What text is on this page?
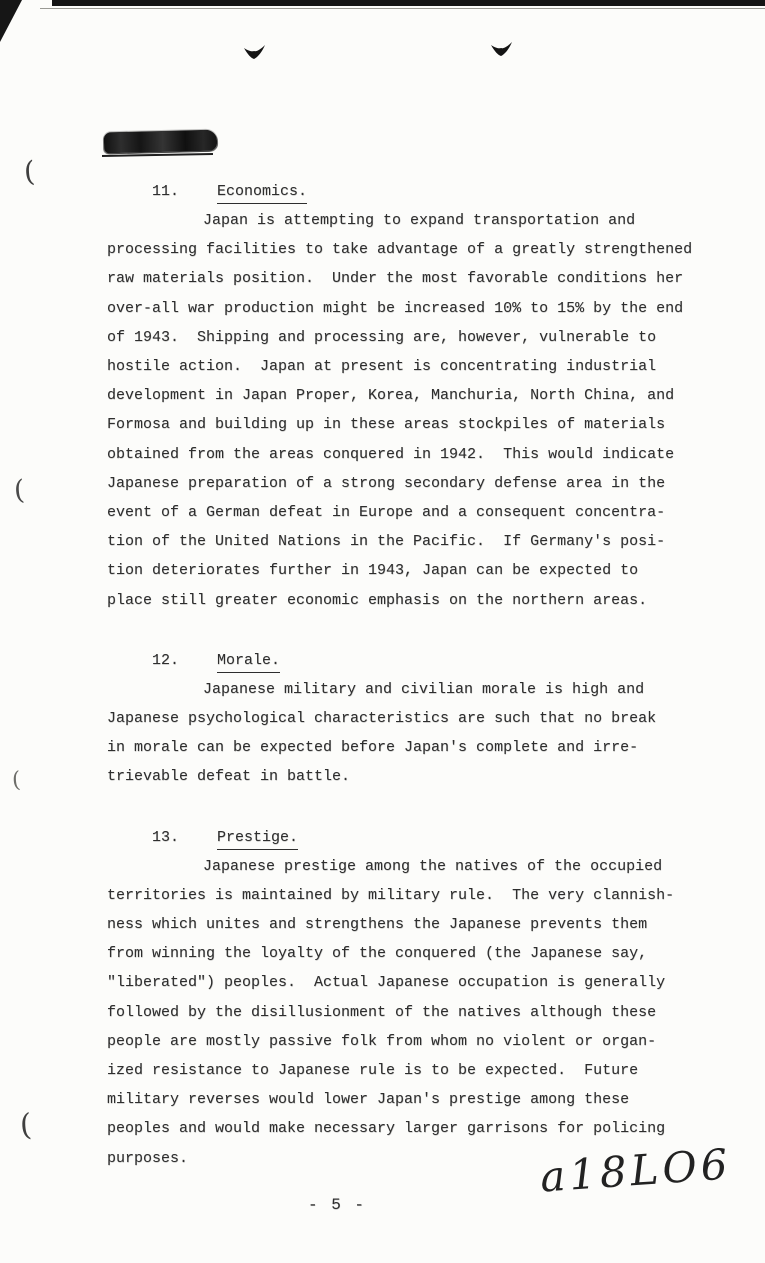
(
(
(
(
11.	Economics.
Japan is attempting to expand transportation and
processing facilities to take advantage of a greatly strengthened
raw materials position.  Under the most favorable conditions her
over-all war production might be increased 10% to 15% by the end
of 1943.  Shipping and processing are, however, vulnerable to
hostile action.  Japan at present is concentrating industrial
development in Japan Proper, Korea, Manchuria, North China, and
Formosa and building up in these areas stockpiles of materials
obtained from the areas conquered in 1942.  This would indicate
Japanese preparation of a strong secondary defense area in the
event of a German defeat in Europe and a consequent concentra-
tion of the United Nations in the Pacific.  If Germany's posi-
tion deteriorates further in 1943, Japan can be expected to
place still greater economic emphasis on the northern areas.
12.	Morale.
Japanese military and civilian morale is high and
Japanese psychological characteristics are such that no break
in morale can be expected before Japan's complete and irre-
trievable defeat in battle.
13.	Prestige.
Japanese prestige among the natives of the occupied
territories is maintained by military rule.  The very clannish-
ness which unites and strengthens the Japanese prevents them
from winning the loyalty of the conquered (the Japanese say,
"liberated") peoples.  Actual Japanese occupation is generally
followed by the disillusionment of the natives although these
people are mostly passive folk from whom no violent or organ-
ized resistance to Japanese rule is to be expected.  Future
military reverses would lower Japan's prestige among these
peoples and would make necessary larger garrisons for policing
purposes.	a18LO6
- 5 -
